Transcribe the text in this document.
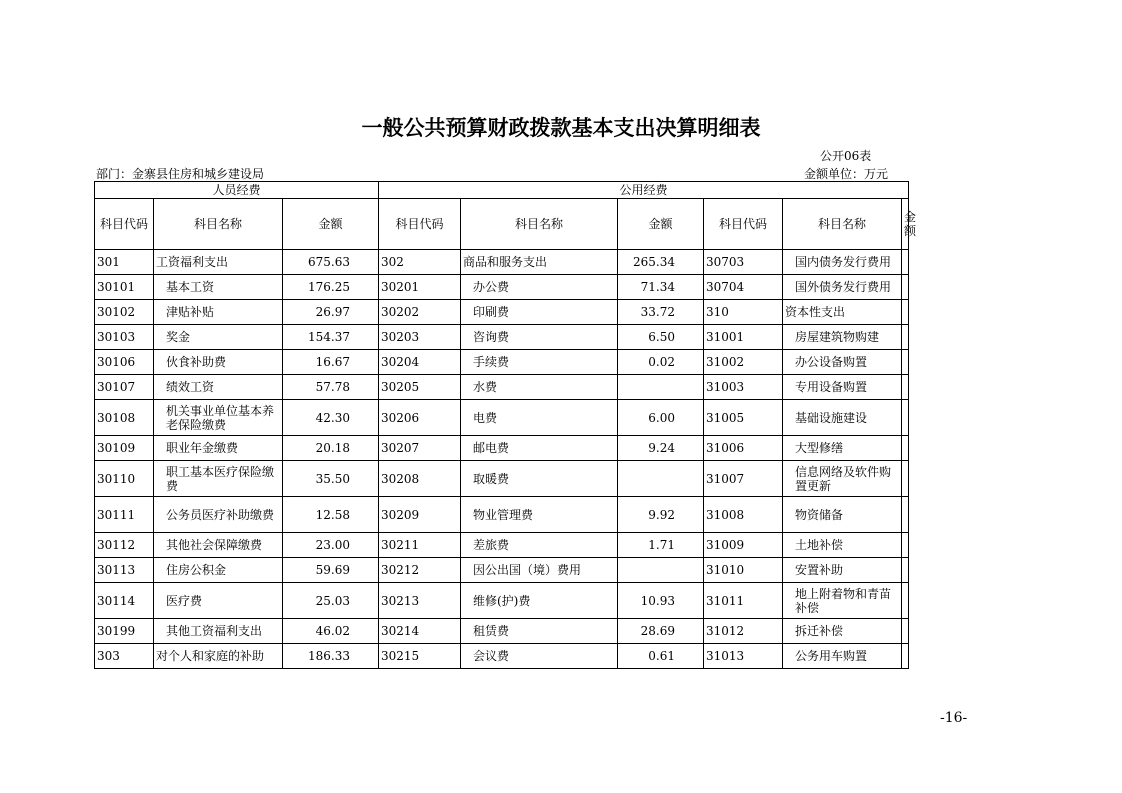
一般公共预算财政拨款基本支出决算明细表
公开06表
部门：金寨县住房和城乡建设局	金额单位：万元
人员经费			公用经费					
科目代码	科目名称	金额	科目代码	科目名称	金额	科目代码	科目名称	金额
301	工资福利支出	675.63	302	商品和服务支出	265.34	30703	国内债务发行费用	
30101	基本工资	176.25	30201	办公费	71.34	30704	国外债务发行费用	
30102	津贴补贴	26.97	30202	印刷费	33.72	310	资本性支出	
30103	奖金	154.37	30203	咨询费	6.50	31001	房屋建筑物购建	
30106	伙食补助费	16.67	30204	手续费	0.02	31002	办公设备购置	
30107	绩效工资	57.78	30205	水费		31003	专用设备购置	
30108	机关事业单位基本养老保险缴费	42.30	30206	电费	6.00	31005	基础设施建设	
30109	职业年金缴费	20.18	30207	邮电费	9.24	31006	大型修缮	
30110	职工基本医疗保险缴费	35.50	30208	取暖费		31007	信息网络及软件购置更新	
30111	公务员医疗补助缴费	12.58	30209	物业管理费	9.92	31008	物资储备	
30112	其他社会保障缴费	23.00	30211	差旅费	1.71	31009	土地补偿	
30113	住房公积金	59.69	30212	因公出国（境）费用		31010	安置补助	
30114	医疗费	25.03	30213	维修(护)费	10.93	31011	地上附着物和青苗补偿	
30199	其他工资福利支出	46.02	30214	租赁费	28.69	31012	拆迁补偿	
303	对个人和家庭的补助	186.33	30215	会议费	0.61	31013	公务用车购置	
-16-
